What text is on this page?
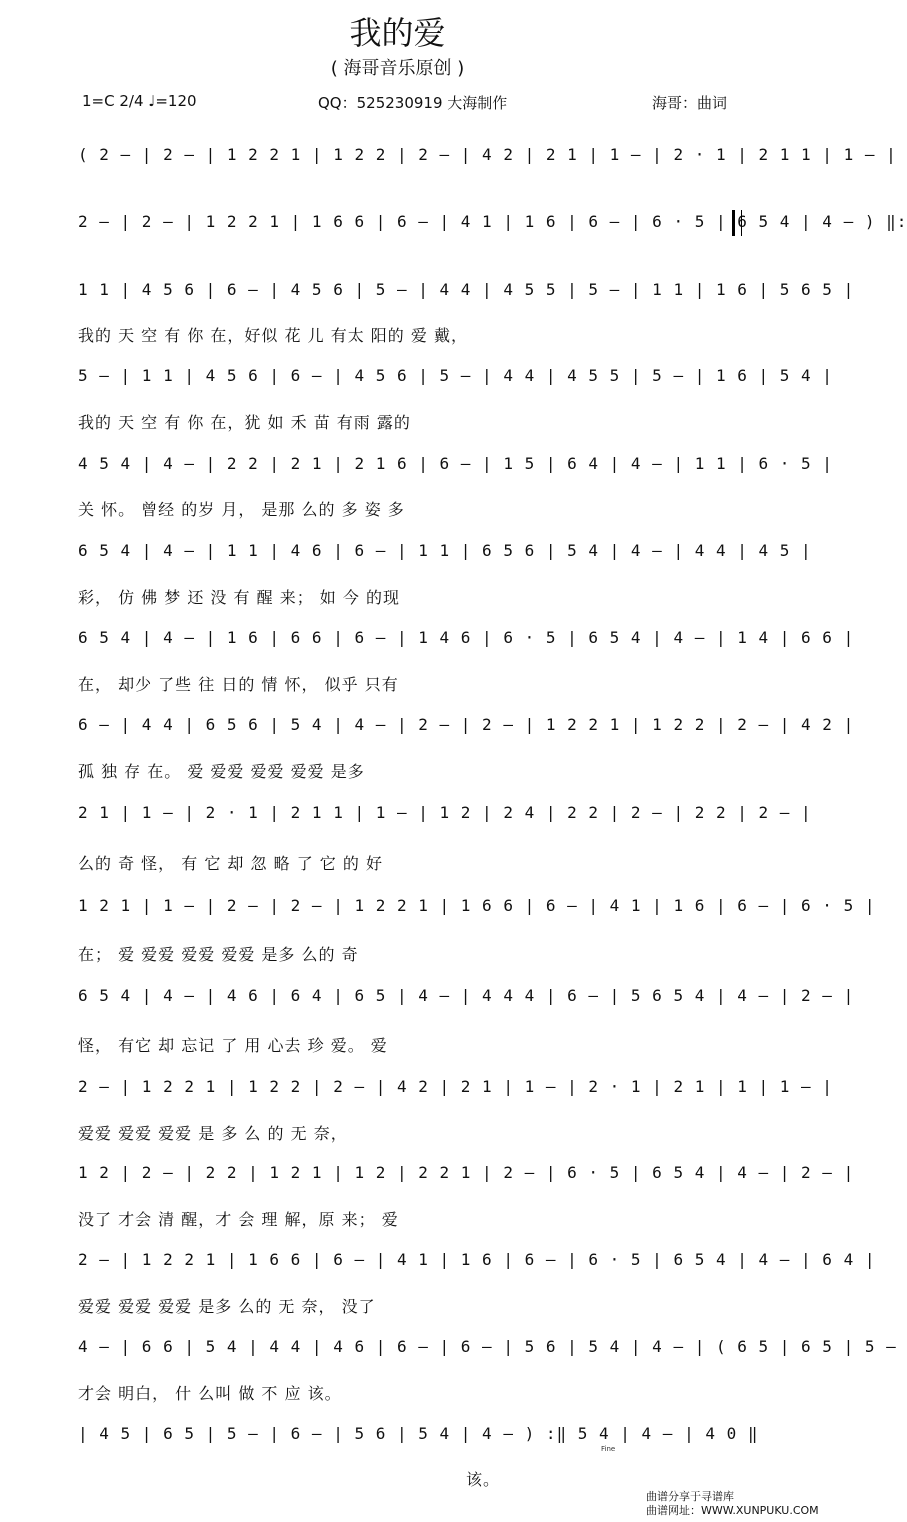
我的爱
( 海哥音乐原创 )
1=C 2/4 ♩=120	QQ：525230919 大海制作	海哥：曲词
( 2 — | 2 — | 1 2 2 1 | 1 2 2 | 2 — | 4 2 | 2 1 | 1 — | 2 · 1 | 2 1 1 | 1 — |
2 — | 2 — | 1 2 2 1 | 1 6 6 | 6 — | 4 1 | 1 6 | 6 — | 6 · 5 | 6 5 4 | 4 — ) ‖:
1 1 | 4 5 6 | 6 — | 4 5 6 | 5 — | 4 4 | 4 5 5 | 5 — | 1 1 | 1 6 | 5 6 5 |
我的 天 空 有 你 在，好似 花 儿 有太 阳的 爱 戴，
5 — | 1 1 | 4 5 6 | 6 — | 4 5 6 | 5 — | 4 4 | 4 5 5 | 5 — | 1 6 | 5 4 |
我的 天 空 有 你 在，犹 如 禾 苗 有雨 露的
4 5 4 | 4 — | 2 2 | 2 1 | 2 1 6 | 6 — | 1 5 | 6 4 | 4 — | 1 1 | 6 · 5 |
关 怀。 曾经 的岁 月， 是那 么的 多 姿 多
6 5 4 | 4 — | 1 1 | 4 6 | 6 — | 1 1 | 6 5 6 | 5 4 | 4 — | 4 4 | 4 5 |
彩， 仿 佛 梦 还 没 有 醒 来； 如 今 的现
6 5 4 | 4 — | 1 6 | 6 6 | 6 — | 1 4 6 | 6 · 5 | 6 5 4 | 4 — | 1 4 | 6 6 |
在， 却少 了些 往 日的 情 怀， 似乎 只有
6 — | 4 4 | 6 5 6 | 5 4 | 4 — | 2 — | 2 — | 1 2 2 1 | 1 2 2 | 2 — | 4 2 |
孤 独 存 在。 爱 爱爱 爱爱 爱爱 是多
2 1 | 1 — | 2 · 1 | 2 1 1 | 1 — | 1 2 | 2 4 | 2 2 | 2 — | 2 2 | 2 — |
么的 奇 怪， 有 它 却 忽 略 了 它 的 好
1 2 1 | 1 — | 2 — | 2 — | 1 2 2 1 | 1 6 6 | 6 — | 4 1 | 1 6 | 6 — | 6 · 5 |
在； 爱 爱爱 爱爱 爱爱 是多 么的 奇
6 5 4 | 4 — | 4 6 | 6 4 | 6 5 | 4 — | 4 4 4 | 6 — | 5 6 5 4 | 4 — | 2 — |
怪， 有它 却 忘记 了 用 心去 珍 爱。 爱
2 — | 1 2 2 1 | 1 2 2 | 2 — | 4 2 | 2 1 | 1 — | 2 · 1 | 2 1 | 1 | 1 — |
爱爱 爱爱 爱爱 是 多 么 的 无 奈，
1 2 | 2 — | 2 2 | 1 2 1 | 1 2 | 2 2 1 | 2 — | 6 · 5 | 6 5 4 | 4 — | 2 — |
没了 才会 清 醒，才 会 理 解，原 来； 爱
2 — | 1 2 2 1 | 1 6 6 | 6 — | 4 1 | 1 6 | 6 — | 6 · 5 | 6 5 4 | 4 — | 6 4 |
爱爱 爱爱 爱爱 是多 么的 无 奈， 没了
4 — | 6 6 | 5 4 | 4 4 | 4 6 | 6 — | 6 — | 5 6 | 5 4 | 4 — | ( 6 5 | 6 5 | 5 —
才会 明白， 什 么叫 做 不 应 该。
| 4 5 | 6 5 | 5 — | 6 — | 5 6 | 5 4 | 4 — ) :‖ 5 4 | 4 — | 4 0 ‖
Fine
该。
曲谱分享于寻谱库
曲谱网址：WWW.XUNPUKU.COM
